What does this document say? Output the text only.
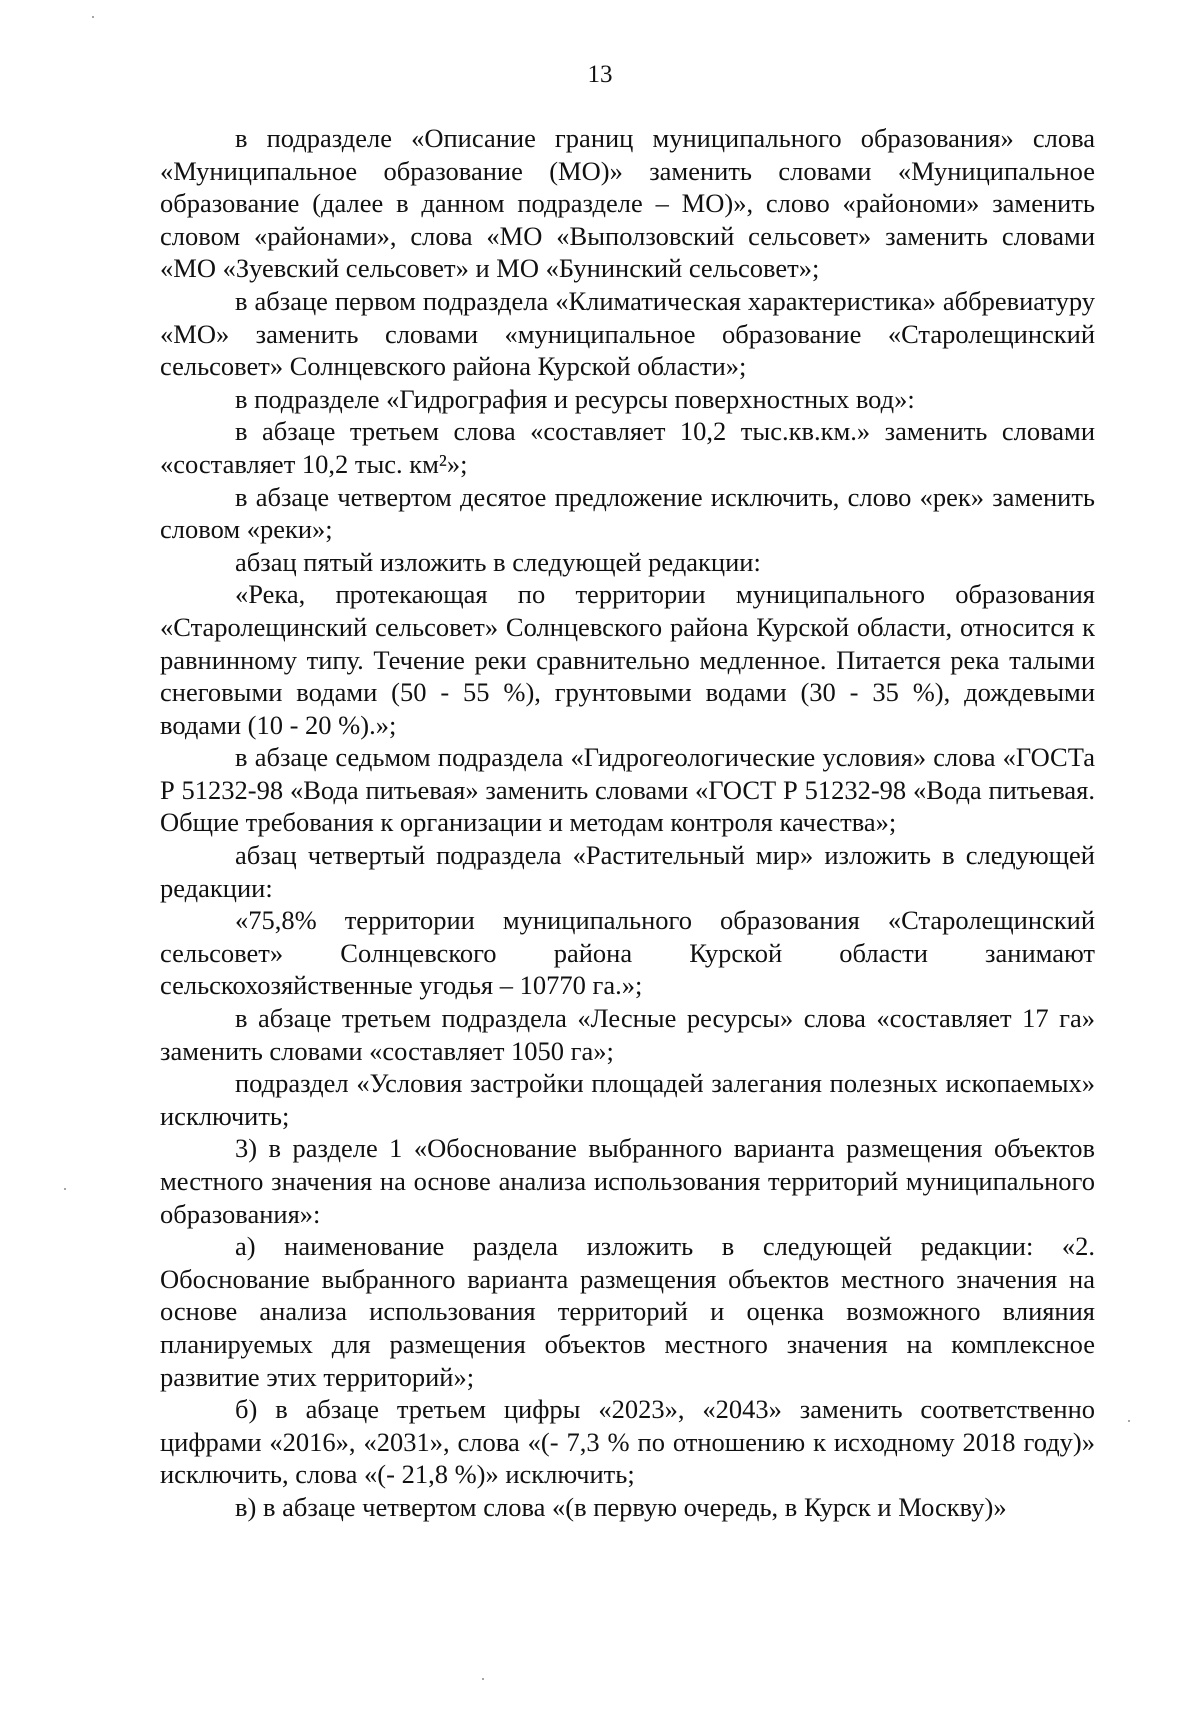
13

в подразделе «Описание границ муниципального образования» слова «Муниципальное образование (МО)» заменить словами «Муниципальное образование (далее в данном подразделе – МО)», слово «райономи» заменить словом «районами», слова «МО «Выползовский сельсовет» заменить словами «МО «Зуевский сельсовет» и МО «Бунинский сельсовет»;

в абзаце первом подраздела «Климатическая характеристика» аббревиатуру «МО» заменить словами «муниципальное образование «Старолещинский сельсовет» Солнцевского района Курской области»;

в подразделе «Гидрография и ресурсы поверхностных вод»:

в абзаце третьем слова «составляет 10,2 тыс.кв.км.» заменить словами «составляет 10,2 тыс. км²»;

в абзаце четвертом десятое предложение исключить, слово «рек» заменить словом «реки»;

абзац пятый изложить в следующей редакции:

«Река, протекающая по территории муниципального образования «Старолещинский сельсовет» Солнцевского района Курской области, относится к равнинному типу. Течение реки сравнительно медленное. Питается река талыми снеговыми водами (50 - 55 %), грунтовыми водами (30 - 35 %), дождевыми водами (10 - 20 %).»;

в абзаце седьмом подраздела «Гидрогеологические условия» слова «ГОСТа Р 51232-98 «Вода питьевая» заменить словами «ГОСТ Р 51232-98 «Вода питьевая. Общие требования к организации и методам контроля качества»;

абзац четвертый подраздела «Растительный мир» изложить в следующей редакции:

«75,8% территории муниципального образования «Старолещинский сельсовет» Солнцевского района Курской области занимают сельскохозяйственные угодья – 10770 га.»;

в абзаце третьем подраздела «Лесные ресурсы» слова «составляет 17 га» заменить словами «составляет 1050 га»;

подраздел «Условия застройки площадей залегания полезных ископаемых» исключить;

3) в разделе 1 «Обоснование выбранного варианта размещения объектов местного значения на основе анализа использования территорий муниципального образования»:

а) наименование раздела изложить в следующей редакции: «2. Обоснование выбранного варианта размещения объектов местного значения на основе анализа использования территорий и оценка возможного влияния планируемых для размещения объектов местного значения на комплексное развитие этих территорий»;

б) в абзаце третьем цифры «2023», «2043» заменить соответственно цифрами «2016», «2031», слова «(- 7,3 % по отношению к исходному 2018 году)» исключить, слова «(- 21,8 %)» исключить;

в) в абзаце четвертом слова «(в первую очередь, в Курск и Москву)»
